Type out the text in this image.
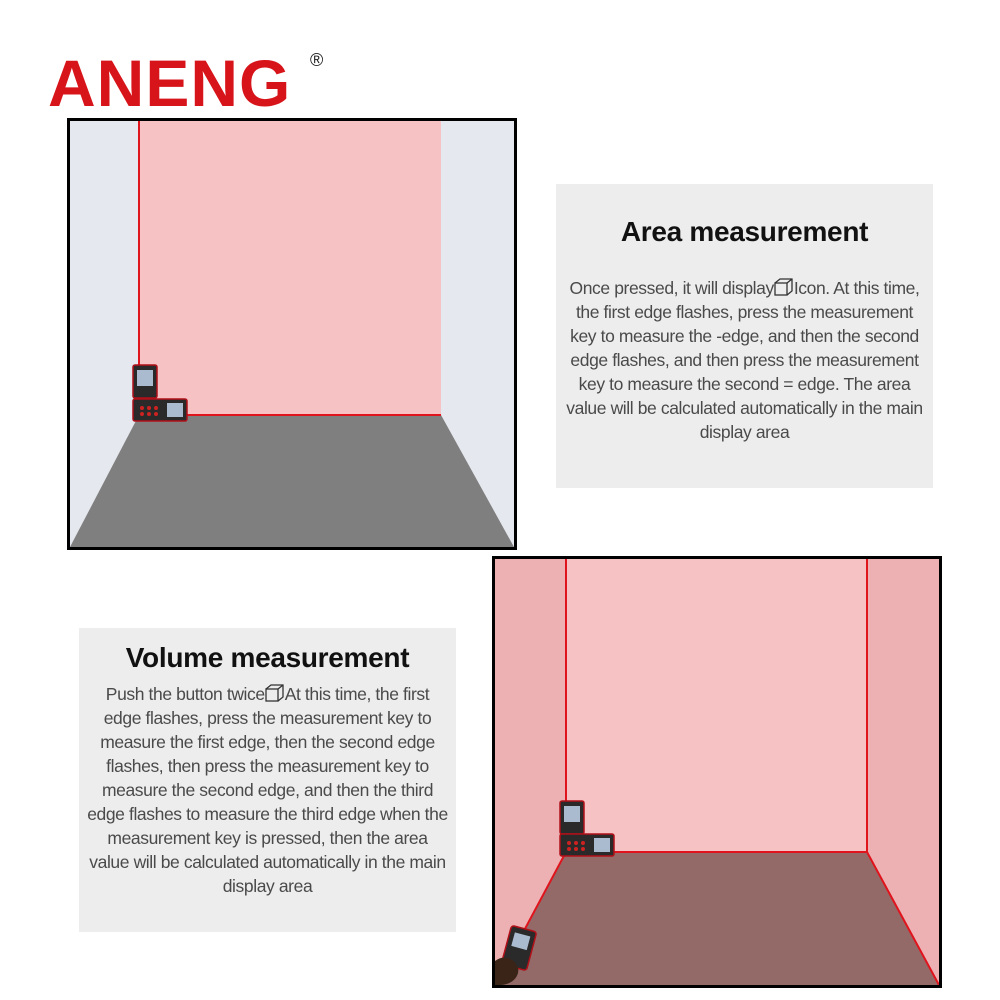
ANENG ®
Area measurement

Once pressed, it will display Icon. At this time, the first edge flashes, press the measurement key to measure the -edge, and then the second edge flashes, and then press the measurement key to measure the second = edge. The area value will be calculated automatically in the main display area

Volume measurement

Push the button twice At this time, the first edge flashes, press the measurement key to measure the first edge, then the second edge flashes, then press the measurement key to measure the second edge, and then the third edge flashes to measure the third edge when the measurement key is pressed, then the area value will be calculated automatically in the main display area
